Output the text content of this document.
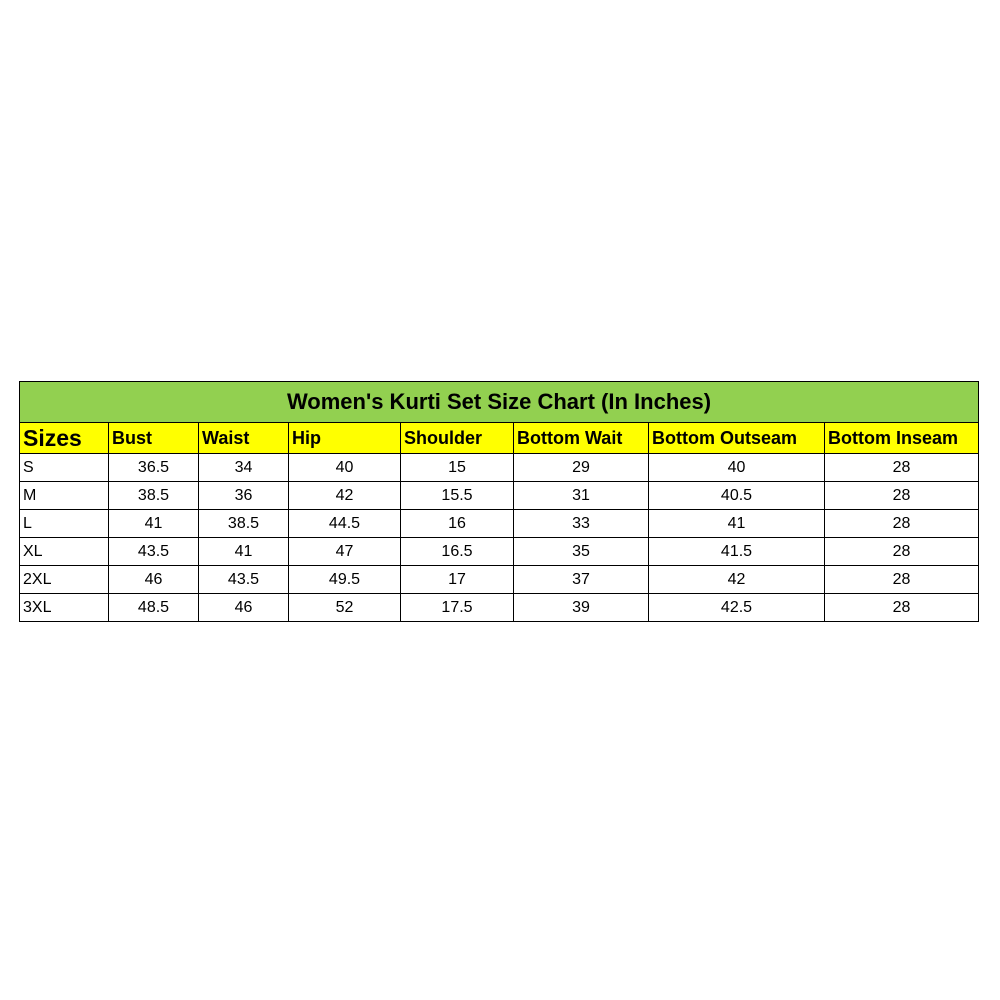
Women's Kurti Set Size Chart (In Inches)							
Sizes	Bust	Waist	Hip	Shoulder	Bottom Wait	Bottom Outseam	Bottom Inseam
S	36.5	34	40	15	29	40	28
M	38.5	36	42	15.5	31	40.5	28
L	41	38.5	44.5	16	33	41	28
XL	43.5	41	47	16.5	35	41.5	28
2XL	46	43.5	49.5	17	37	42	28
3XL	48.5	46	52	17.5	39	42.5	28
